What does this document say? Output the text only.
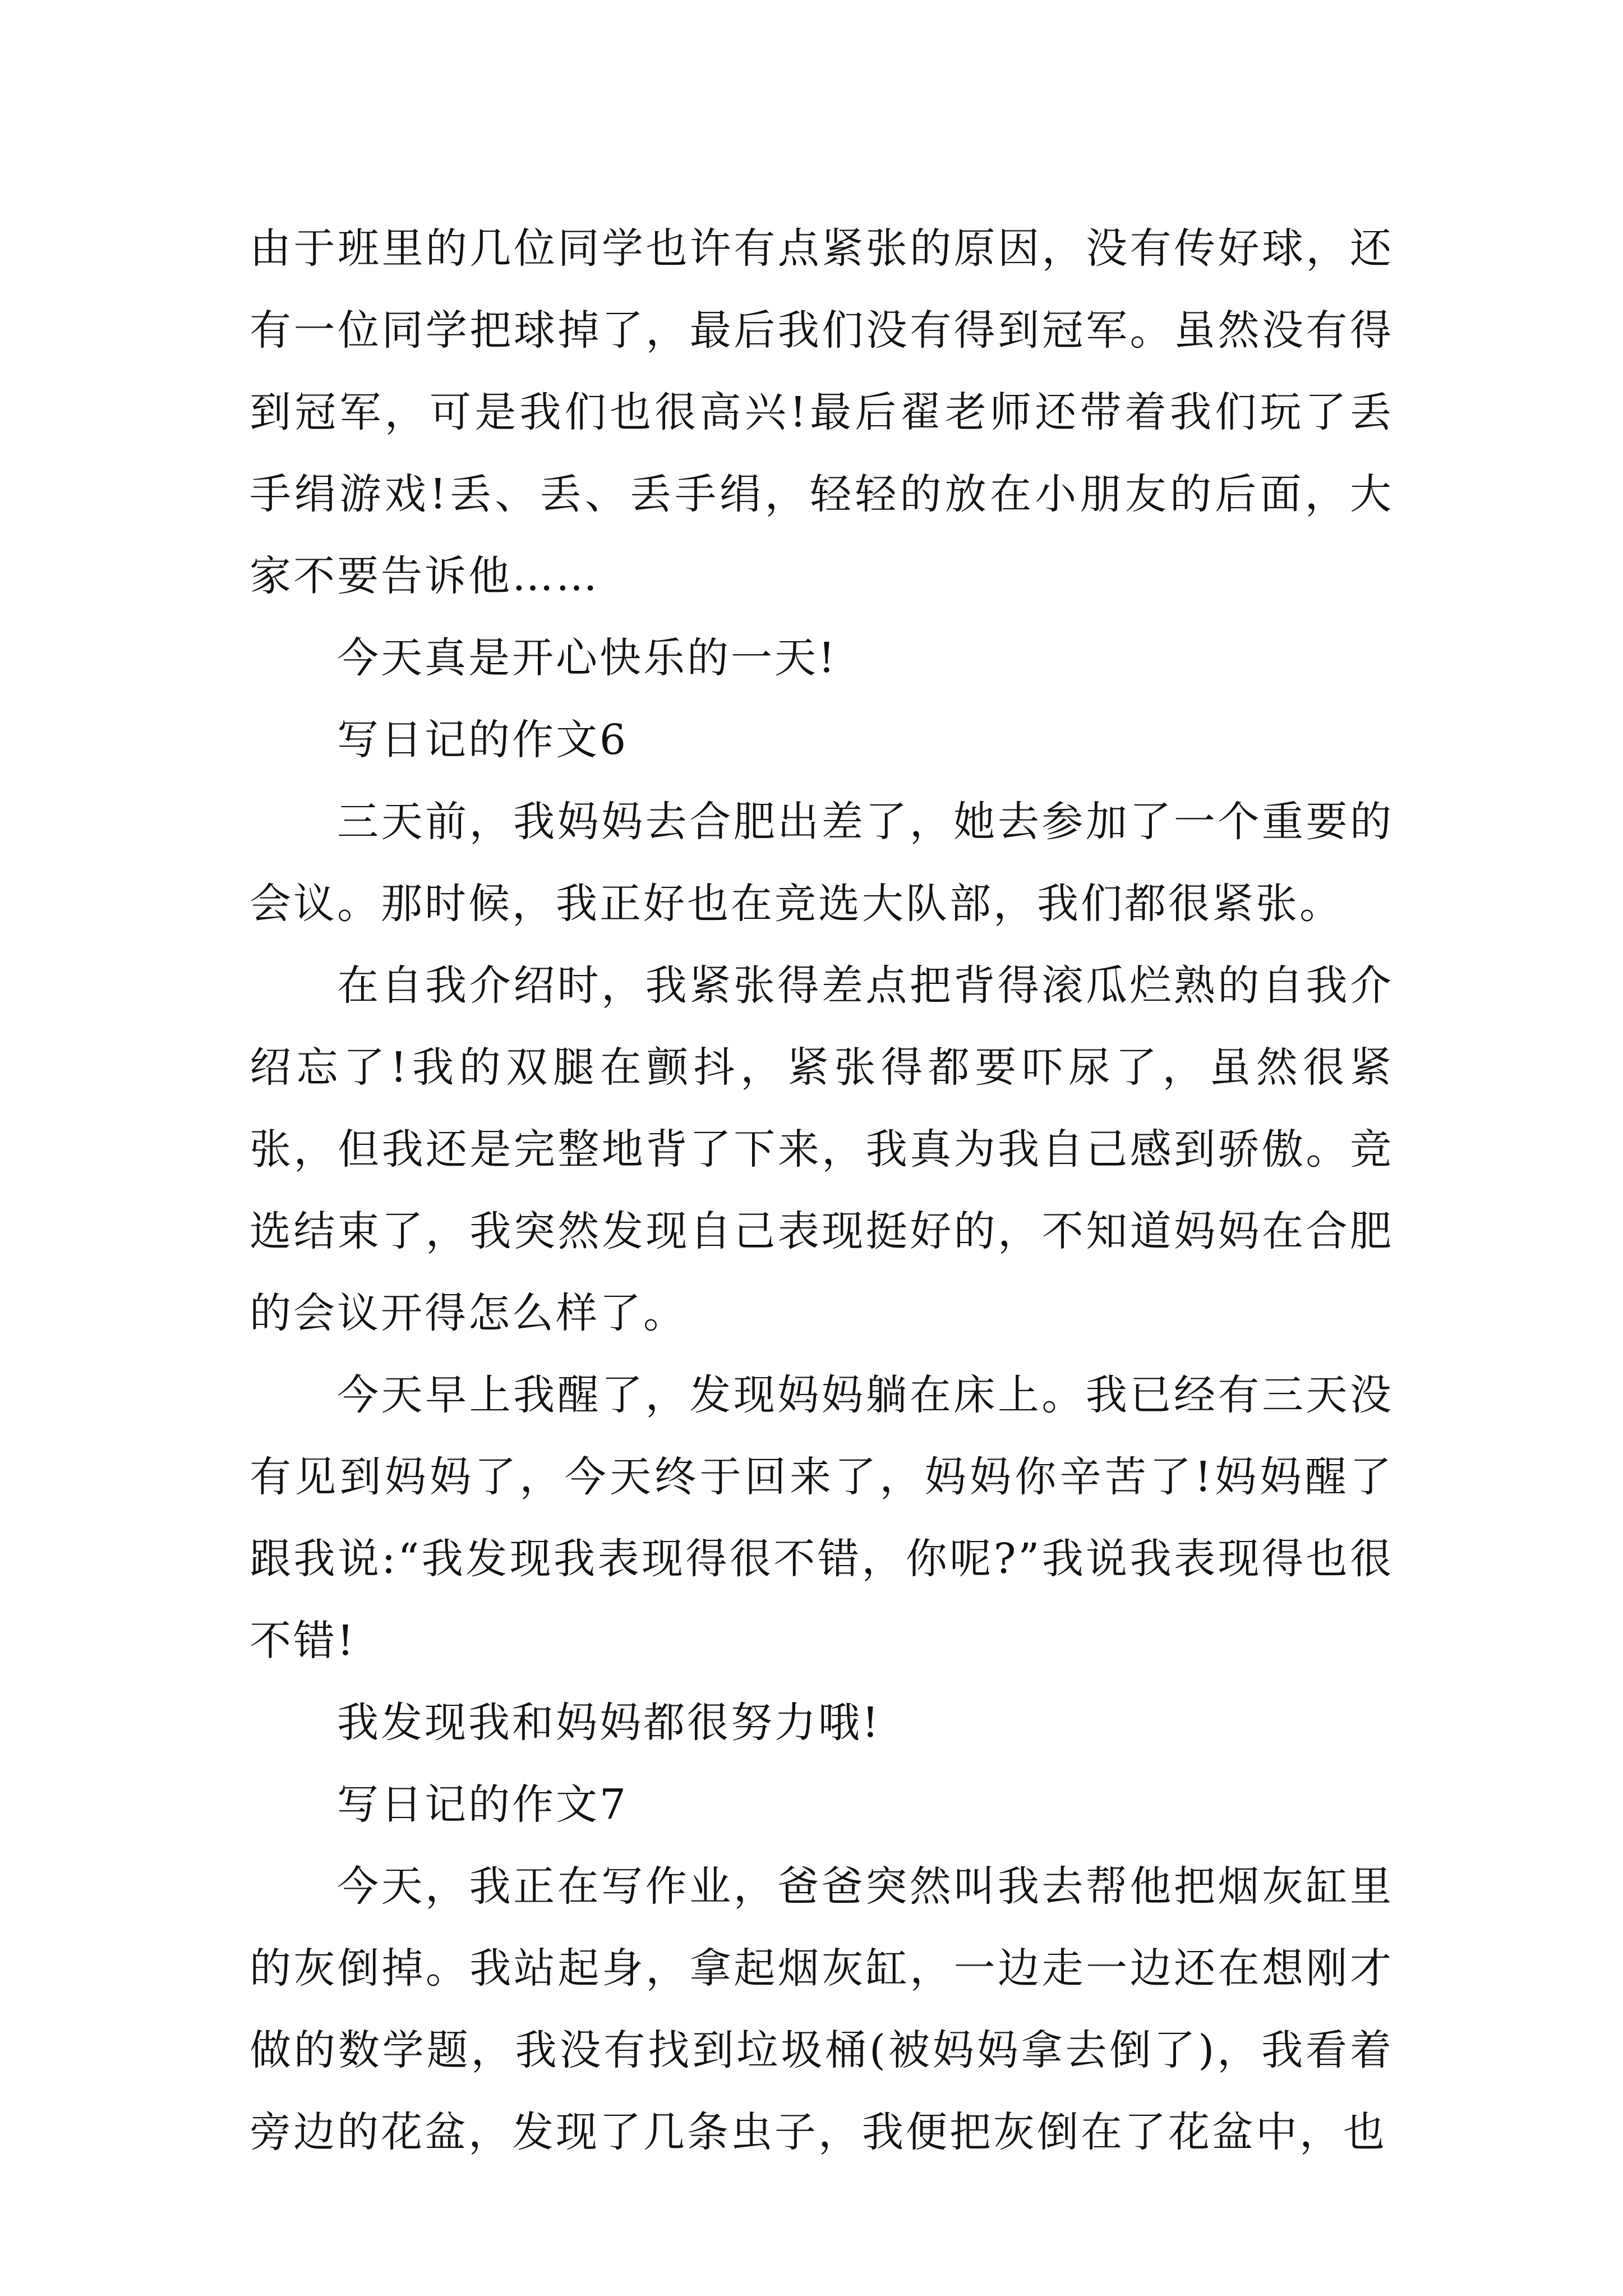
由于班里的几位同学也许有点紧张的原因，没有传好球，还有一位同学把球掉了，最后我们没有得到冠军。虽然没有得到冠军，可是我们也很高兴!最后翟老师还带着我们玩了丢手绢游戏!丢、丢、丢手绢，轻轻的放在小朋友的后面，大家不要告诉他……

今天真是开心快乐的一天!

写日记的作文6

三天前，我妈妈去合肥出差了，她去参加了一个重要的会议。那时候，我正好也在竞选大队部，我们都很紧张。

在自我介绍时，我紧张得差点把背得滚瓜烂熟的自我介绍忘了!我的双腿在颤抖，紧张得都要吓尿了，虽然很紧张，但我还是完整地背了下来，我真为我自己感到骄傲。竞选结束了，我突然发现自己表现挺好的，不知道妈妈在合肥的会议开得怎么样了。

今天早上我醒了，发现妈妈躺在床上。我已经有三天没有见到妈妈了，今天终于回来了，妈妈你辛苦了!妈妈醒了跟我说:“我发现我表现得很不错，你呢?”我说我表现得也很不错!

我发现我和妈妈都很努力哦!

写日记的作文7

今天，我正在写作业，爸爸突然叫我去帮他把烟灰缸里的灰倒掉。我站起身，拿起烟灰缸，一边走一边还在想刚才做的数学题，我没有找到垃圾桶(被妈妈拿去倒了)，我看着旁边的花盆，发现了几条虫子，我便把灰倒在了花盆中，也
